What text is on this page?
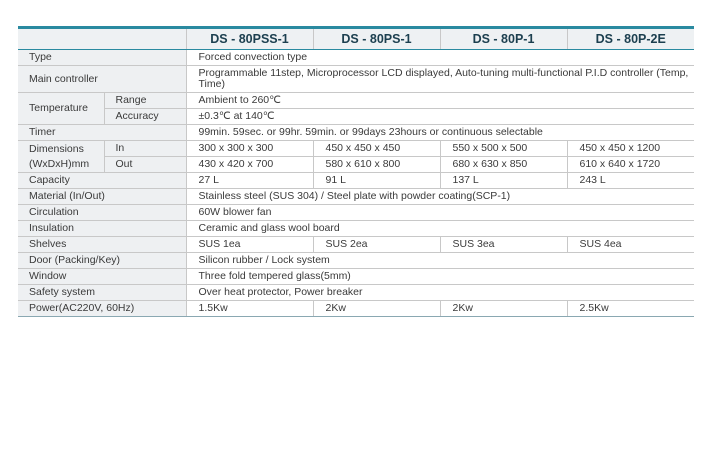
		DS - 80PSS-1	DS - 80PS-1	DS - 80P-1	DS - 80P-2E
Type		Forced convection type			
Main controller		Programmable 11step, Microprocessor LCD displayed, Auto-tuning multi-functional P.I.D controller (Temp, Time)			
Temperature	Range	Ambient to 260℃			
	Accuracy	±0.3℃ at 140℃			
Timer		99min. 59sec. or 99hr. 59min. or 99days 23hours or continuous selectable			
Dimensions
(WxDxH)mm	In	300 x 300 x 300	450 x 450 x 450	550 x 500 x 500	450 x 450 x 1200
	Out	430 x 420 x 700	580 x 610 x 800	680 x 630 x 850	610 x 640 x 1720
Capacity		27 L	91 L	137 L	243 L
Material (In/Out)		Stainless steel (SUS 304) / Steel plate with powder coating(SCP-1)			
Circulation		60W blower fan			
Insulation		Ceramic and glass wool board			
Shelves		SUS 1ea	SUS 2ea	SUS 3ea	SUS 4ea
Door (Packing/Key)		Silicon rubber / Lock system			
Window		Three fold tempered glass(5mm)			
Safety system		Over heat protector, Power breaker			
Power(AC220V, 60Hz)		1.5Kw	2Kw	2Kw	2.5Kw
